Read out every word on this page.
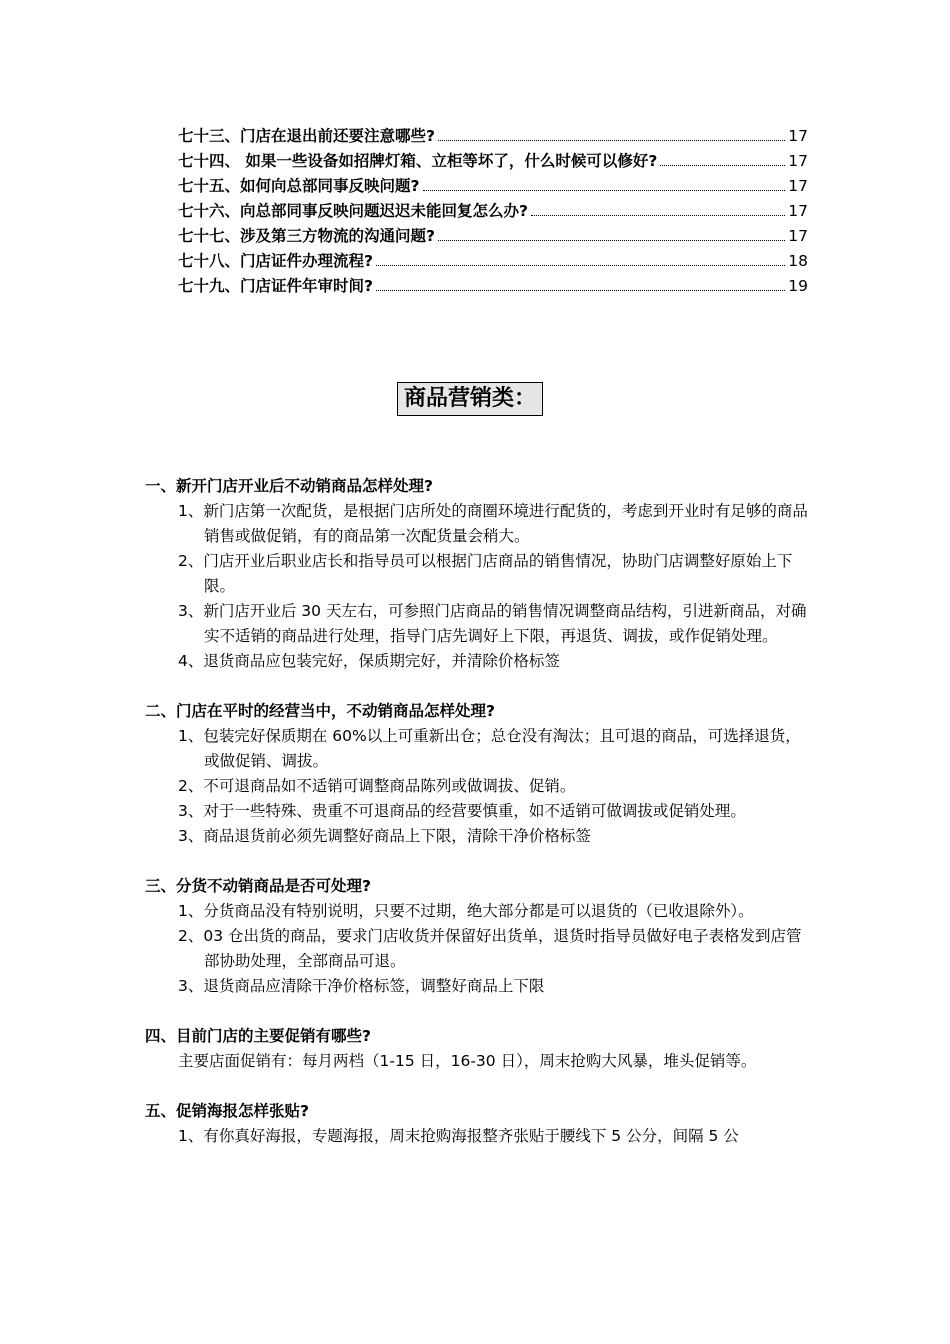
七十三、门店在退出前还要注意哪些?	17
七十四、 如果一些设备如招牌灯箱、立柜等坏了，什么时候可以修好?	17
七十五、如何向总部同事反映问题?	17
七十六、向总部同事反映问题迟迟未能回复怎么办?	17
七十七、涉及第三方物流的沟通问题?	17
七十八、门店证件办理流程?	18
七十九、门店证件年审时间?	19
商品营销类：
一、新开门店开业后不动销商品怎样处理?
1、新门店第一次配货，是根据门店所处的商圈环境进行配货的，考虑到开业时有足够的商品销售或做促销，有的商品第一次配货量会稍大。
2、门店开业后职业店长和指导员可以根据门店商品的销售情况，协助门店调整好原始上下限。
3、新门店开业后 30 天左右，可参照门店商品的销售情况调整商品结构，引进新商品，对确实不适销的商品进行处理，指导门店先调好上下限，再退货、调拔，或作促销处理。
4、退货商品应包装完好，保质期完好，并清除价格标签
二、门店在平时的经营当中，不动销商品怎样处理?
1、包装完好保质期在 60%以上可重新出仓；总仓没有淘汰；且可退的商品，可选择退货，或做促销、调拔。
2、不可退商品如不适销可调整商品陈列或做调拔、促销。
3、对于一些特殊、贵重不可退商品的经营要慎重，如不适销可做调拔或促销处理。
3、商品退货前必须先调整好商品上下限，清除干净价格标签
三、分货不动销商品是否可处理?
1、分货商品没有特别说明，只要不过期，绝大部分都是可以退货的（已收退除外）。
2、03 仓出货的商品，要求门店收货并保留好出货单，退货时指导员做好电子表格发到店管部协助处理，全部商品可退。
3、退货商品应清除干净价格标签，调整好商品上下限
四、目前门店的主要促销有哪些?
主要店面促销有：每月两档（1-15 日，16-30 日），周末抢购大风暴，堆头促销等。
五、促销海报怎样张贴?
1、有你真好海报，专题海报，周末抢购海报整齐张贴于腰线下 5 公分，间隔 5 公
